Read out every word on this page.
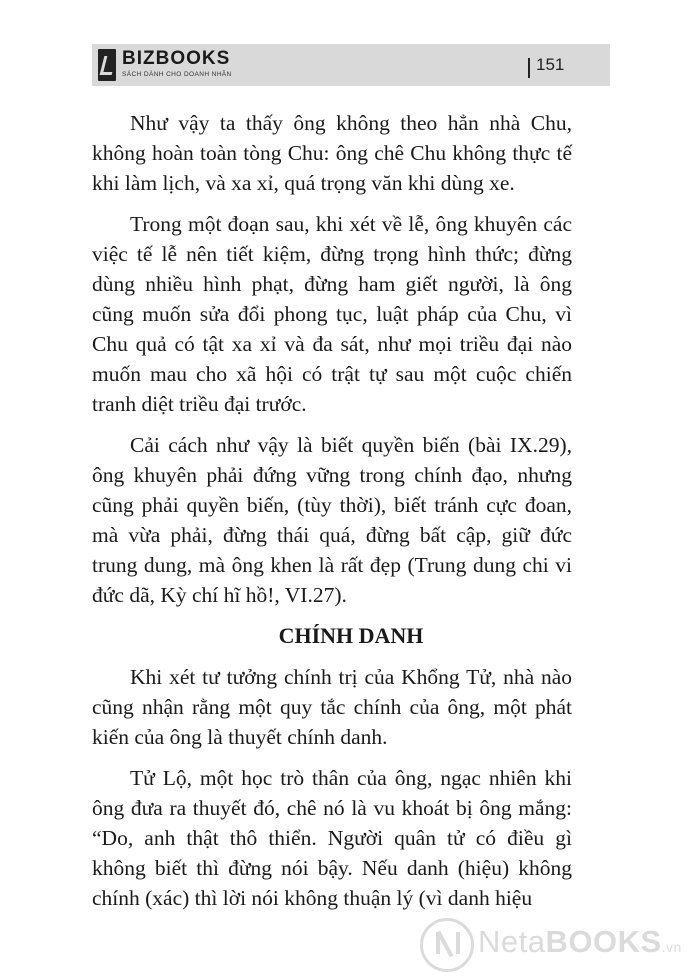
BIZBOOKS
SÁCH DÀNH CHO DOANH NHÂN
151

Như vậy ta thấy ông không theo hẳn nhà Chu, không hoàn toàn tòng Chu: ông chê Chu không thực tế khi làm lịch, và xa xỉ, quá trọng văn khi dùng xe.

Trong một đoạn sau, khi xét về lễ, ông khuyên các việc tế lễ nên tiết kiệm, đừng trọng hình thức; đừng dùng nhiều hình phạt, đừng ham giết người, là ông cũng muốn sửa đổi phong tục, luật pháp của Chu, vì Chu quả có tật xa xỉ và đa sát, như mọi triều đại nào muốn mau cho xã hội có trật tự sau một cuộc chiến tranh diệt triều đại trước.

Cải cách như vậy là biết quyền biến (bài IX.29), ông khuyên phải đứng vững trong chính đạo, nhưng cũng phải quyền biến, (tùy thời), biết tránh cực đoan, mà vừa phải, đừng thái quá, đừng bất cập, giữ đức trung dung, mà ông khen là rất đẹp (Trung dung chi vi đức dã, Kỳ chí hĩ hồ!, VI.27).

CHÍNH DANH

Khi xét tư tưởng chính trị của Khổng Tử, nhà nào cũng nhận rằng một quy tắc chính của ông, một phát kiến của ông là thuyết chính danh.

Tử Lộ, một học trò thân của ông, ngạc nhiên khi ông đưa ra thuyết đó, chê nó là vu khoát bị ông mắng: “Do, anh thật thô thiển. Người quân tử có điều gì không biết thì đừng nói bậy. Nếu danh (hiệu) không chính (xác) thì lời nói không thuận lý (vì danh hiệu

NetaBOOKS.vn
